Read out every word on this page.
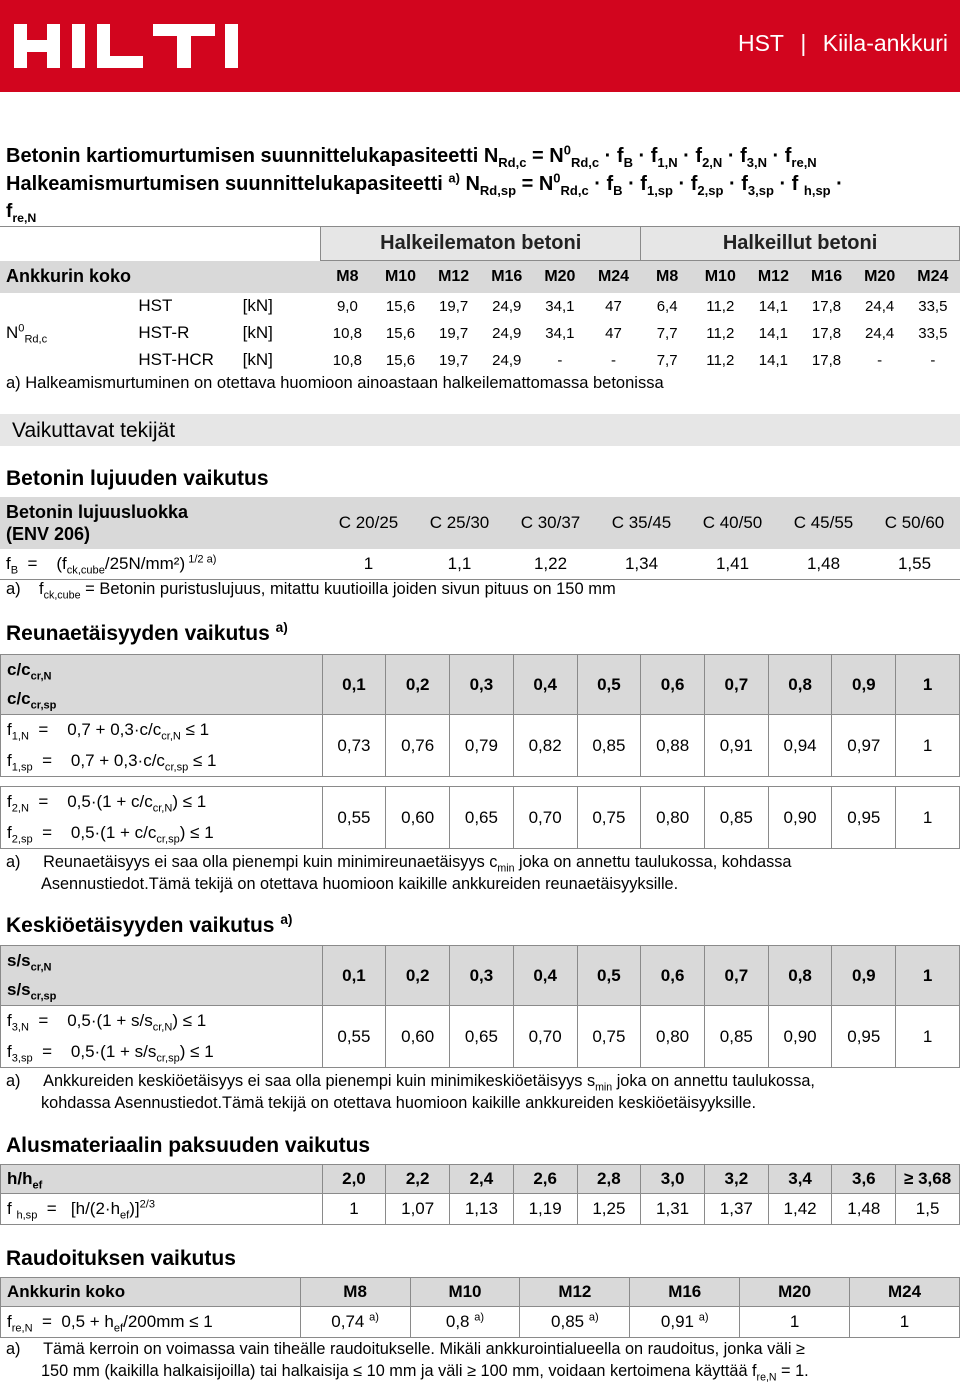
HST | Kiila-ankkuri
Betonin kartiomurtumisen suunnittelukapasiteetti $N_{Rd,c} = N^0_{Rd,c} \cdot f_B \cdot f_{1,N} \cdot f_{2,N} \cdot f_{3,N} \cdot f_{re,N}$
Halkeamismurtumisen suunnittelukapasiteetti $^{a)}$ $N_{Rd,sp} = N^0_{Rd,c} \cdot f_B \cdot f_{1,sp} \cdot f_{2,sp} \cdot f_{3,sp} \cdot f$ $_{h,sp}$ ·
$f_{re,N}$
			Halkeilematon betoni						Halkeillut betoni					
Ankkurin koko			M8	M10	M12	M16	M20	M24	M8	M10	M12	M16	M20	M24
$N^0_{Rd,c}$	HST	[kN]	9,0	15,6	19,7	24,9	34,1	47	6,4	11,2	14,1	17,8	24,4	33,5
	HST-R	[kN]	10,8	15,6	19,7	24,9	34,1	47	7,7	11,2	14,1	17,8	24,4	33,5
	HST-HCR	[kN]	10,8	15,6	19,7	24,9	-	-	7,7	11,2	14,1	17,8	-	-
a) Halkeamismurtuminen on otettava huomioon ainoastaan halkeilemattomassa betonissa
Vaikuttavat tekijät
Betonin lujuuden vaikutus
Betonin lujuusluokka
(ENV 206)	C 20/25	C 25/30	C 30/37	C 35/45	C 40/50	C 45/55	C 50/60
$f_B$  =    $(f_{ck,cube}/25N/mm^2)$ $^{1/2 a)}$	1	1,1	1,22	1,34	1,41	1,48	1,55
a)    $f_{ck,cube}$ = Betonin puristuslujuus, mitattu kuutioilla joiden sivun pituus on 150 mm
Reunaetäisyyden vaikutus $^{a)}$
$c/c_{cr,N}$	0,1	0,2	0,3	0,4	0,5	0,6	0,7	0,8	0,9	1
$c/c_{cr,sp}$
$f_{1,N}$  =    $0,7 + 0,3\cdot c/c_{cr,N} \le 1$	0,73	0,76	0,79	0,82	0,85	0,88	0,91	0,94	0,97	1
$f_{1,sp}$  =    $0,7 + 0,3\cdot c/c_{cr,sp} \le 1$										

$f_{2,N}$  =    $0,5\cdot(1 + c/c_{cr,N}) \le 1$	0,55	0,60	0,65	0,70	0,75	0,80	0,85	0,90	0,95	1
$f_{2,sp}$  =    $0,5\cdot(1 + c/c_{cr,sp}) \le 1$										
a)     Reunaetäisyys ei saa olla pienempi kuin minimireunaetäisyys $c_{min}$ joka on annettu taulukossa, kohdassa
Asennustiedot.Tämä tekijä on otettava huomioon kaikille ankkureiden reunaetäisyyksille.
Keskiöetäisyyden vaikutus $^{a)}$
$s/s_{cr,N}$	0,1	0,2	0,3	0,4	0,5	0,6	0,7	0,8	0,9	1
$s/s_{cr,sp}$
$f_{3,N}$  =    $0,5\cdot(1 + s/s_{cr,N}) \le 1$	0,55	0,60	0,65	0,70	0,75	0,80	0,85	0,90	0,95	1
$f_{3,sp}$  =    $0,5\cdot(1 + s/s_{cr,sp}) \le 1$										
a)     Ankkureiden keskiöetäisyys ei saa olla pienempi kuin minimikeskiöetäisyys $s_{min}$ joka on annettu taulukossa,
kohdassa Asennustiedot.Tämä tekijä on otettava huomioon kaikille ankkureiden keskiöetäisyyksille.
Alusmateriaalin paksuuden vaikutus
$h/h_{ef}$	2,0	2,2	2,4	2,6	2,8	3,0	3,2	3,4	3,6	≥ 3,68
f $_{h,sp} = [h/(2\cdot h_{ef})]^{2/3}$	1	1,07	1,13	1,19	1,25	1,31	1,37	1,42	1,48	1,5
Raudoituksen vaikutus
Ankkurin koko	M8	M10	M12	M16	M20	M24
$f_{re,N} = 0,5 + h_{ef}/200mm \le 1$	0,74 $^{a)}$	0,8 $^{a)}$	0,85 $^{a)}$	0,91 $^{a)}$	1	1
a)     Tämä kerroin on voimassa vain tiheälle raudoitukselle. Mikäli ankkurointialueella on raudoitus, jonka väli ≥
150 mm (kaikilla halkaisijoilla) tai halkaisija ≤ 10 mm ja väli ≥ 100 mm, voidaan kertoimena käyttää $f_{re,N} = 1$.
